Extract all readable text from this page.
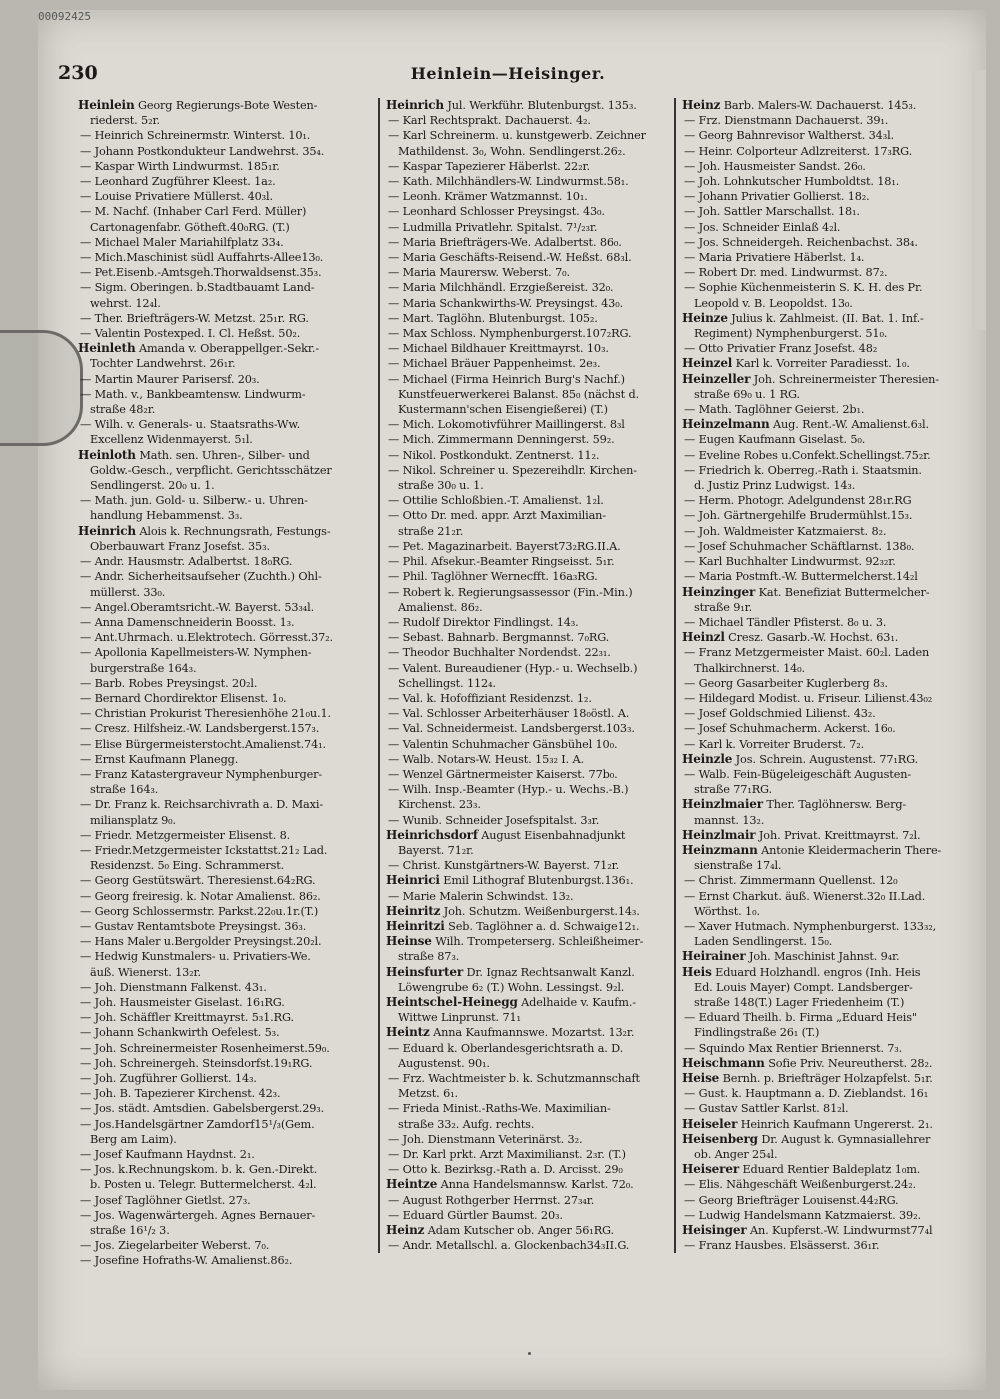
00092425
230	Heinlein—Heisinger.
Heinlein Georg Regierungs-Bote Westen-
riederst. 5₂r.
— Heinrich Schreinermstr. Winterst. 10₁.
— Johann Postkondukteur Landwehrst. 35₄.
— Kaspar Wirth Lindwurmst. 185₁r.
— Leonhard Zugführer Kleest. 1a₂.
— Louise Privatiere Müllerst. 40₃l.
— M. Nachf. (Inhaber Carl Ferd. Müller)
Cartonagenfabr. Götheft.40₀RG. (T.)
— Michael Maler Mariahilfplatz 33₄.
— Mich.Maschinist südl Auffahrts-Allee13₀.
— Pet.Eisenb.-Amtsgeh.Thorwaldsenst.35₃.
— Sigm. Oberingen. b.Stadtbauamt Land-
wehrst. 12₄l.
— Ther. Briefträgers-W. Metzst. 25₁r. RG.
— Valentin Postexped. I. Cl. Heßst. 50₂.
Heinleth Amanda v. Oberappellger.-Sekr.-
Tochter Landwehrst. 26₁r.
— Martin Maurer Parisersf. 20₃.
— Math. v., Bankbeamtensw. Lindwurm-
straße 48₂r.
— Wilh. v. Generals- u. Staatsraths-Ww.
Excellenz Widenmayerst. 5₁l.
Heinloth Math. sen. Uhren-, Silber- und
Goldw.-Gesch., verpflicht. Gerichtsschätzer
Sendlingerst. 20₀ u. 1.
— Math. jun. Gold- u. Silberw.- u. Uhren-
handlung Hebammenst. 3₃.
Heinrich Alois k. Rechnungsrath, Festungs-
Oberbauwart Franz Josefst. 35₃.
— Andr. Hausmstr. Adalbertst. 18₀RG.
— Andr. Sicherheitsaufseher (Zuchth.) Ohl-
müllerst. 33₀.
— Angel.Oberamtsricht.-W. Bayerst. 53₃₄l.
— Anna Damenschneiderin Boosst. 1₃.
— Ant.Uhrmach. u.Elektrotech. Görresst.37₂.
— Apollonia Kapellmeisters-W. Nymphen-
burgerstraße 164₃.
— Barb. Robes Preysingst. 20₂l.
— Bernard Chordirektor Elisenst. 1₀.
— Christian Prokurist Theresienhöhe 21₀u.1.
— Cresz. Hilfsheiz.-W. Landsbergerst.157₃.
— Elise Bürgermeisterstocht.Amalienst.74₁.
— Ernst Kaufmann Planegg.
— Franz Katastergraveur Nymphenburger-
straße 164₃.
— Dr. Franz k. Reichsarchivrath a. D. Maxi-
miliansplatz 9₀.
— Friedr. Metzgermeister Elisenst. 8.
— Friedr.Metzgermeister Ickstattst.21₂ Lad.
Residenzst. 5₀ Eing. Schrammerst.
— Georg Gestütswärt. Theresienst.64₂RG.
— Georg freiresig. k. Notar Amalienst. 86₂.
— Georg Schlossermstr. Parkst.22₀u.1r.(T.)
— Gustav Rentamtsbote Preysingst. 36₃.
— Hans Maler u.Bergolder Preysingst.20₂l.
— Hedwig Kunstmalers- u. Privatiers-We.
äuß. Wienerst. 13₂r.
— Joh. Dienstmann Falkenst. 43₁.
— Joh. Hausmeister Giselast. 16₁RG.
— Joh. Schäffler Kreittmayrst. 5₃1.RG.
— Johann Schankwirth Oefelest. 5₃.
— Joh. Schreinermeister Rosenheimerst.59₀.
— Joh. Schreinergeh. Steinsdorfst.19₁RG.
— Joh. Zugführer Gollierst. 14₃.
— Joh. B. Tapezierer Kirchenst. 42₃.
— Jos. städt. Amtsdien. Gabelsbergerst.29₃.
— Jos.Handelsgärtner Zamdorf15¹/₃(Gem.
Berg am Laim).
— Josef Kaufmann Haydnst. 2₁.
— Jos. k.Rechnungskom. b. k. Gen.-Direkt.
b. Posten u. Telegr. Buttermelcherst. 4₂l.
— Josef Taglöhner Gietlst. 27₃.
— Jos. Wagenwärtergeh. Agnes Bernauer-
straße 16¹/₂ 3.
— Jos. Ziegelarbeiter Weberst. 7₀.
— Josefine Hofraths-W. Amalienst.86₂.
Heinrich Jul. Werkführ. Blutenburgst. 135₃.
— Karl Rechtsprakt. Dachauerst. 4₂.
— Karl Schreinerm. u. kunstgewerb. Zeichner
Mathildenst. 3₀, Wohn. Sendlingerst.26₂.
— Kaspar Tapezierer Häberlst. 22₂r.
— Kath. Milchhändlers-W. Lindwurmst.58₁.
— Leonh. Krämer Watzmannst. 10₁.
— Leonhard Schlosser Preysingst. 43₀.
— Ludmilla Privatlehr. Spitalst. 7¹/₂₃r.
— Maria Briefträgers-We. Adalbertst. 86₀.
— Maria Geschäfts-Reisend.-W. Heßst. 68₃l.
— Maria Maurersw. Weberst. 7₀.
— Maria Milchhändl. Erzgießereist. 32₀.
— Maria Schankwirths-W. Preysingst. 43₀.
— Mart. Taglöhn. Blutenburgst. 105₂.
— Max Schloss. Nymphenburgerst.107₂RG.
— Michael Bildhauer Kreittmayrst. 10₃.
— Michael Bräuer Pappenheimst. 2e₃.
— Michael (Firma Heinrich Burg's Nachf.)
Kunstfeuerwerkerei Balanst. 85₀ (nächst d.
Kustermann'schen Eisengießerei) (T.)
— Mich. Lokomotivführer Maillingerst. 8₃l
— Mich. Zimmermann Denningerst. 59₂.
— Nikol. Postkondukt. Zentnerst. 11₂.
— Nikol. Schreiner u. Spezereihdlr. Kirchen-
straße 30₀ u. 1.
— Ottilie Schloßbien.-T. Amalienst. 1₂l.
— Otto Dr. med. appr. Arzt Maximilian-
straße 21₂r.
— Pet. Magazinarbeit. Bayerst73₂RG.II.A.
— Phil. Afsekur.-Beamter Ringseisst. 5₁r.
— Phil. Taglöhner Wernecfft. 16a₃RG.
— Robert k. Regierungsassessor (Fin.-Min.)
Amalienst. 86₂.
— Rudolf Direktor Findlingst. 14₃.
— Sebast. Bahnarb. Bergmannst. 7₀RG.
— Theodor Buchhalter Nordendst. 22₃₁.
— Valent. Bureaudiener (Hyp.- u. Wechselb.)
Schellingst. 112₄.
— Val. k. Hofoffiziant Residenzst. 1₂.
— Val. Schlosser Arbeiterhäuser 18₀östl. A.
— Val. Schneidermeist. Landsbergerst.103₃.
— Valentin Schuhmacher Gänsbühel 10₀.
— Walb. Notars-W. Heust. 15₃₂ I. A.
— Wenzel Gärtnermeister Kaiserst. 77b₀.
— Wilh. Insp.-Beamter (Hyp.- u. Wechs.-B.)
Kirchenst. 23₃.
— Wunib. Schneider Josefspitalst. 3₃r.
Heinrichsdorf August Eisenbahnadjunkt
Bayerst. 71₂r.
— Christ. Kunstgärtners-W. Bayerst. 71₂r.
Heinrici Emil Lithograf Blutenburgst.136₁.
— Marie Malerin Schwindst. 13₂.
Heinritz Joh. Schutzm. Weißenburgerst.14₃.
Heinritzi Seb. Taglöhner a. d. Schwaige12₁.
Heinse Wilh. Trompeterserg. Schleißheimer-
straße 87₃.
Heinsfurter Dr. Ignaz Rechtsanwalt Kanzl.
Löwengrube 6₂ (T.) Wohn. Lessingst. 9₂l.
Heintschel-Heinegg Adelhaide v. Kaufm.-
Wittwe Linprunst. 71₁
Heintz Anna Kaufmannswe. Mozartst. 13₂r.
— Eduard k. Oberlandesgerichtsrath a. D.
Augustenst. 90₁.
— Frz. Wachtmeister b. k. Schutzmannschaft
Metzst. 6₁.
— Frieda Minist.-Raths-We. Maximilian-
straße 33₂. Aufg. rechts.
— Joh. Dienstmann Veterinärst. 3₂.
— Dr. Karl prkt. Arzt Maximilianst. 2₃r. (T.)
— Otto k. Bezirksg.-Rath a. D. Arcisst. 29₀
Heintze Anna Handelsmannsw. Karlst. 72₀.
— August Rothgerber Herrnst. 27₃₄r.
— Eduard Gürtler Baumst. 20₃.
Heinz Adam Kutscher ob. Anger 56₁RG.
— Andr. Metallschl. a. Glockenbach34₃II.G.
Heinz Barb. Malers-W. Dachauerst. 145₃.
— Frz. Dienstmann Dachauerst. 39₁.
— Georg Bahnrevisor Waltherst. 34₃l.
— Heinr. Colporteur Adlzreiterst. 17₃RG.
— Joh. Hausmeister Sandst. 26₀.
— Joh. Lohnkutscher Humboldtst. 18₁.
— Johann Privatier Gollierst. 18₂.
— Joh. Sattler Marschallst. 18₁.
— Jos. Schneider Einlaß 4₂l.
— Jos. Schneidergeh. Reichenbachst. 38₄.
— Maria Privatiere Häberlst. 1₄.
— Robert Dr. med. Lindwurmst. 87₂.
— Sophie Küchenmeisterin S. K. H. des Pr.
Leopold v. B. Leopoldst. 13₀.
Heinze Julius k. Zahlmeist. (II. Bat. 1. Inf.-
Regiment) Nymphenburgerst. 51₀.
— Otto Privatier Franz Josefst. 48₂
Heinzel Karl k. Vorreiter Paradiesst. 1₀.
Heinzeller Joh. Schreinermeister Theresien-
straße 69₀ u. 1 RG.
— Math. Taglöhner Geierst. 2b₁.
Heinzelmann Aug. Rent.-W. Amalienst.6₃l.
— Eugen Kaufmann Giselast. 5₀.
— Eveline Robes u.Confekt.Schellingst.75₂r.
— Friedrich k. Oberreg.-Rath i. Staatsmin.
d. Justiz Prinz Ludwigst. 14₃.
— Herm. Photogr. Adelgundenst 28₁r.RG
— Joh. Gärtnergehilfe Brudermühlst.15₃.
— Joh. Waldmeister Katzmaierst. 8₂.
— Josef Schuhmacher Schäftlarnst. 138₀.
— Karl Buchhalter Lindwurmst. 92₃₂r.
— Maria Postmft.-W. Buttermelcherst.14₂l
Heinzinger Kat. Benefiziat Buttermelcher-
straße 9₁r.
— Michael Tändler Pfisterst. 8₀ u. 3.
Heinzl Cresz. Gasarb.-W. Hochst. 63₁.
— Franz Metzgermeister Maist. 60₂l. Laden
Thalkirchnerst. 14₀.
— Georg Gasarbeiter Kuglerberg 8₃.
— Hildegard Modist. u. Friseur. Lilienst.43₀₂
— Josef Goldschmied Lilienst. 43₂.
— Josef Schuhmacherm. Ackerst. 16₀.
— Karl k. Vorreiter Bruderst. 7₂.
Heinzle Jos. Schrein. Augustenst. 77₁RG.
— Walb. Fein-Bügeleigeschäft Augusten-
straße 77₁RG.
Heinzlmaier Ther. Taglöhnersw. Berg-
mannst. 13₂.
Heinzlmair Joh. Privat. Kreittmayrst. 7₂l.
Heinzmann Antonie Kleidermacherin There-
sienstraße 17₄l.
— Christ. Zimmermann Quellenst. 12₀
— Ernst Charkut. äuß. Wienerst.32₀ II.Lad.
Wörthst. 1₀.
— Xaver Hutmach. Nymphenburgerst. 133₃₂,
Laden Sendlingerst. 15₀.
Heirainer Joh. Maschinist Jahnst. 9₄r.
Heis Eduard Holzhandl. engros (Inh. Heis
Ed. Louis Mayer) Compt. Landsberger-
straße 148(T.) Lager Friedenheim (T.)
— Eduard Theilh. b. Firma „Eduard Heis"
Findlingstraße 26₁ (T.)
— Squindo Max Rentier Briennerst. 7₃.
Heischmann Sofie Priv. Neureutherst. 28₂.
Heise Bernh. p. Briefträger Holzapfelst. 5₁r.
— Gust. k. Hauptmann a. D. Zieblandst. 16₁
— Gustav Sattler Karlst. 81₂l.
Heiseler Heinrich Kaufmann Ungererst. 2₁.
Heisenberg Dr. August k. Gymnasiallehrer
ob. Anger 25₄l.
Heiserer Eduard Rentier Baldeplatz 1₀m.
— Elis. Nähgeschäft Weißenburgerst.24₂.
— Georg Briefträger Louisenst.44₂RG.
— Ludwig Handelsmann Katzmaierst. 39₂.
Heisinger An. Kupferst.-W. Lindwurmst77₄l
— Franz Hausbes. Elsässerst. 36₁r.
